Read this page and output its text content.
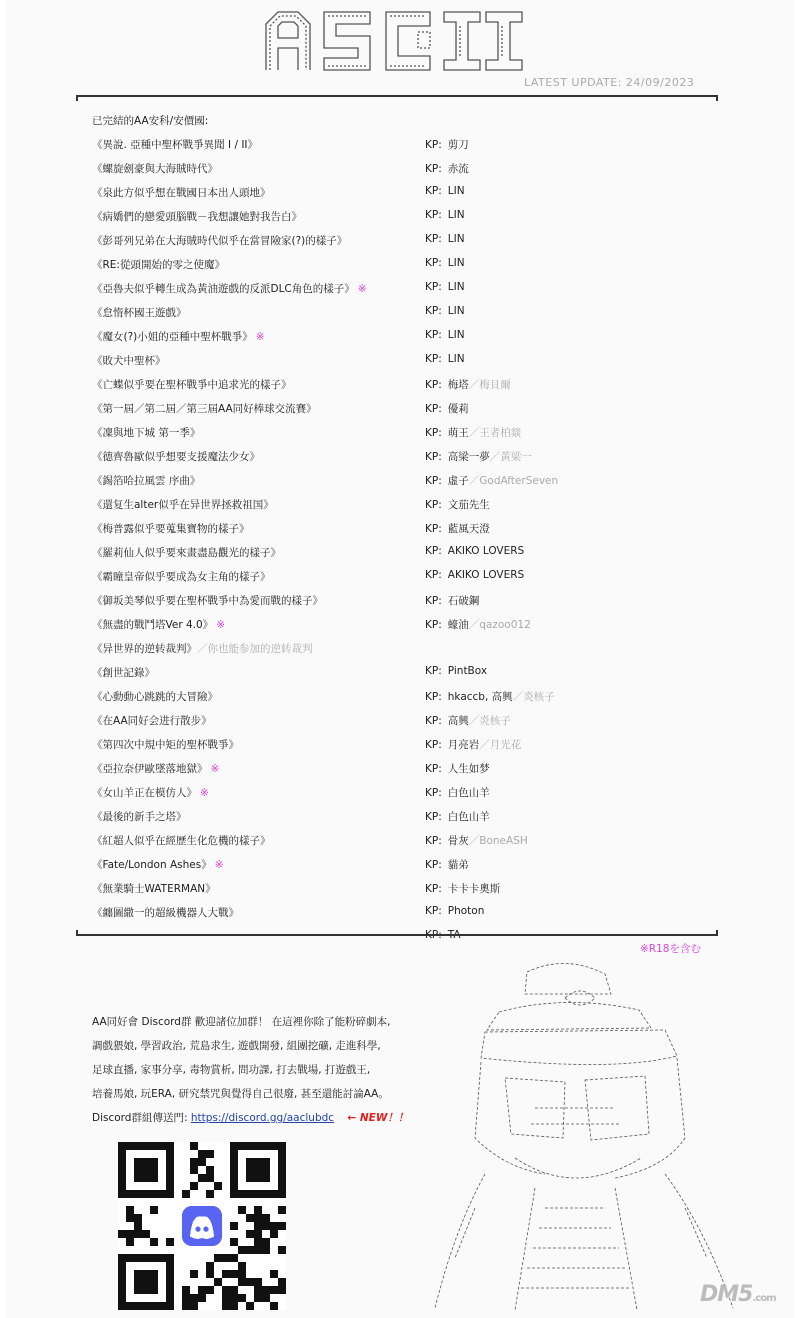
ASCII
LATEST UPDATE: 24/09/2023
已完結的AA安科/安價國:
《異說. 亞種中聖杯戰爭異聞 I / II》	KP: 剪刀
《螺旋劍豪與大海賊時代》	KP: 赤流
《泉此方似乎想在戰國日本出人頭地》	KP: LIN
《病嬌們的戀愛頭腦戰－我想讓她對我告白》	KP: LIN
《彭哥列兄弟在大海賊時代似乎在當冒險家(?)的樣子》	KP: LIN
《RE:從頭開始的零之使魔》	KP: LIN
《亞魯夫似乎轉生成為黃油遊戲的反派DLC角色的樣子》 ※	KP: LIN
《怠惰杯國王遊戲》	KP: LIN
《魔女(?)小姐的亞種中聖杯戰爭》 ※	KP: LIN
《敗犬中聖杯》	KP: LIN
《亡蝶似乎要在聖杯戰爭中追求光的樣子》	KP: 梅塔／梅貝爾
《第一屆／第二屆／第三屆AA同好棒球交流賽》	KP: 優莉
《凜與地下城 第一季》	KP: 萌王／王者柏燚
《德齊魯歐似乎想要支援魔法少女》	KP: 高梁一夢／黃梁一
《錫箔哈拉風雲 序曲》	KP: 虛子／GodAfterSeven
《還复生alter似乎在异世界拯救祖国》	KP: 文茄先生
《梅普露似乎要蒐集寶物的樣子》	KP: 藍風天澄
《羅莉仙人似乎要來畫盡島觀光的樣子》	KP: AKIKO LOVERS
《霸瞳皇帝似乎要成為女主角的樣子》	KP: AKIKO LOVERS
《御坂美琴似乎要在聖杯戰爭中為愛而戰的樣子》	KP: 石破鋼
《無盡的戰鬥塔Ver 4.0》 ※	KP: 蠔油／qazoo012
《异世界的逆转裁判》／你也能参加的逆转裁判
《創世記錄》	KP: PintBox
《心動動心跳跳的大冒險》	KP: hkaccb, 高興／炎核子
《在AA同好会进行散步》	KP: 高興／炎核子
《第四次中規中矩的聖杯戰爭》	KP: 月亮岩／月光花
《亞拉奈伊歐墜落地獄》 ※	KP: 人生如梦
《女山羊正在模仿人》 ※	KP: 白色山羊
《最後的新手之塔》	KP: 白色山羊
《紅超人似乎在經歷生化危機的樣子》	KP: 骨灰／BoneASH
《Fate/London Ashes》 ※	KP: 貓弟
《無業騎士WATERMAN》	KP: 卡卡卡奧斯
《纏圖繖一的超級機器人大戰》	KP: Photon
※R18を含む
AA同好會 Discord群 歡迎諸位加群！ 在這裡你除了能粉碎劇本,
調戲猥娘, 學習政治, 荒島求生, 遊戲開發, 組團挖礦, 走進科學,
足球直播, 家事分享, 毒物賞析, 問功課, 打去戰場, 打遊戲王,
培養馬娘, 玩ERA, 研究禁咒與覺得自己很廢, 甚至還能討論AA。
Discord群組傳送門: https://discord.gg/aaclubdc ← NEW！！
DM5.com
